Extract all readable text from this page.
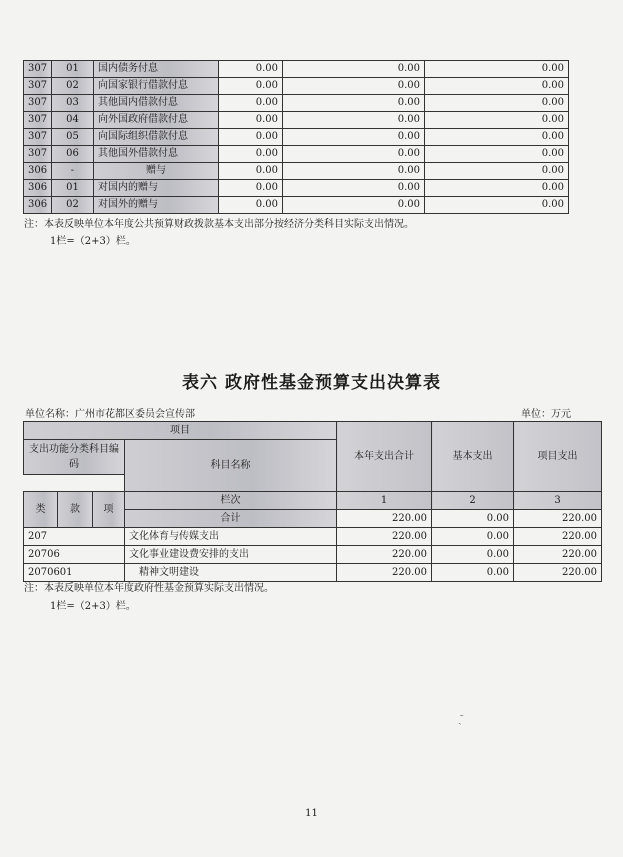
307	01	国内债务付息	0.00	0.00	0.00
307	02	向国家银行借款付息	0.00	0.00	0.00
307	03	其他国内借款付息	0.00	0.00	0.00
307	04	向外国政府借款付息	0.00	0.00	0.00
307	05	向国际组织借款付息	0.00	0.00	0.00
307	06	其他国外借款付息	0.00	0.00	0.00
306	-	赠与	0.00	0.00	0.00
306	01	对国内的赠与	0.00	0.00	0.00
306	02	对国外的赠与	0.00	0.00	0.00
注：本表反映单位本年度公共预算财政拨款基本支出部分按经济分类科目实际支出情况。
1栏=（2+3）栏。
表六 政府性基金预算支出决算表
单位名称：广州市花都区委员会宣传部	单位：万元
项目				本年支出合计	基本支出	项目支出
支出功能分类科目编码			科目名称			

类	款	项	栏次	1	2	3
			合计	220.00	0.00	220.00
207			文化体育与传媒支出	220.00	0.00	220.00
20706			文化事业建设费安排的支出	220.00	0.00	220.00
2070601			精神文明建设	220.00	0.00	220.00
注：本表反映单位本年度政府性基金预算实际支出情况。
1栏=（2+3）栏。
ˏ͂
11
